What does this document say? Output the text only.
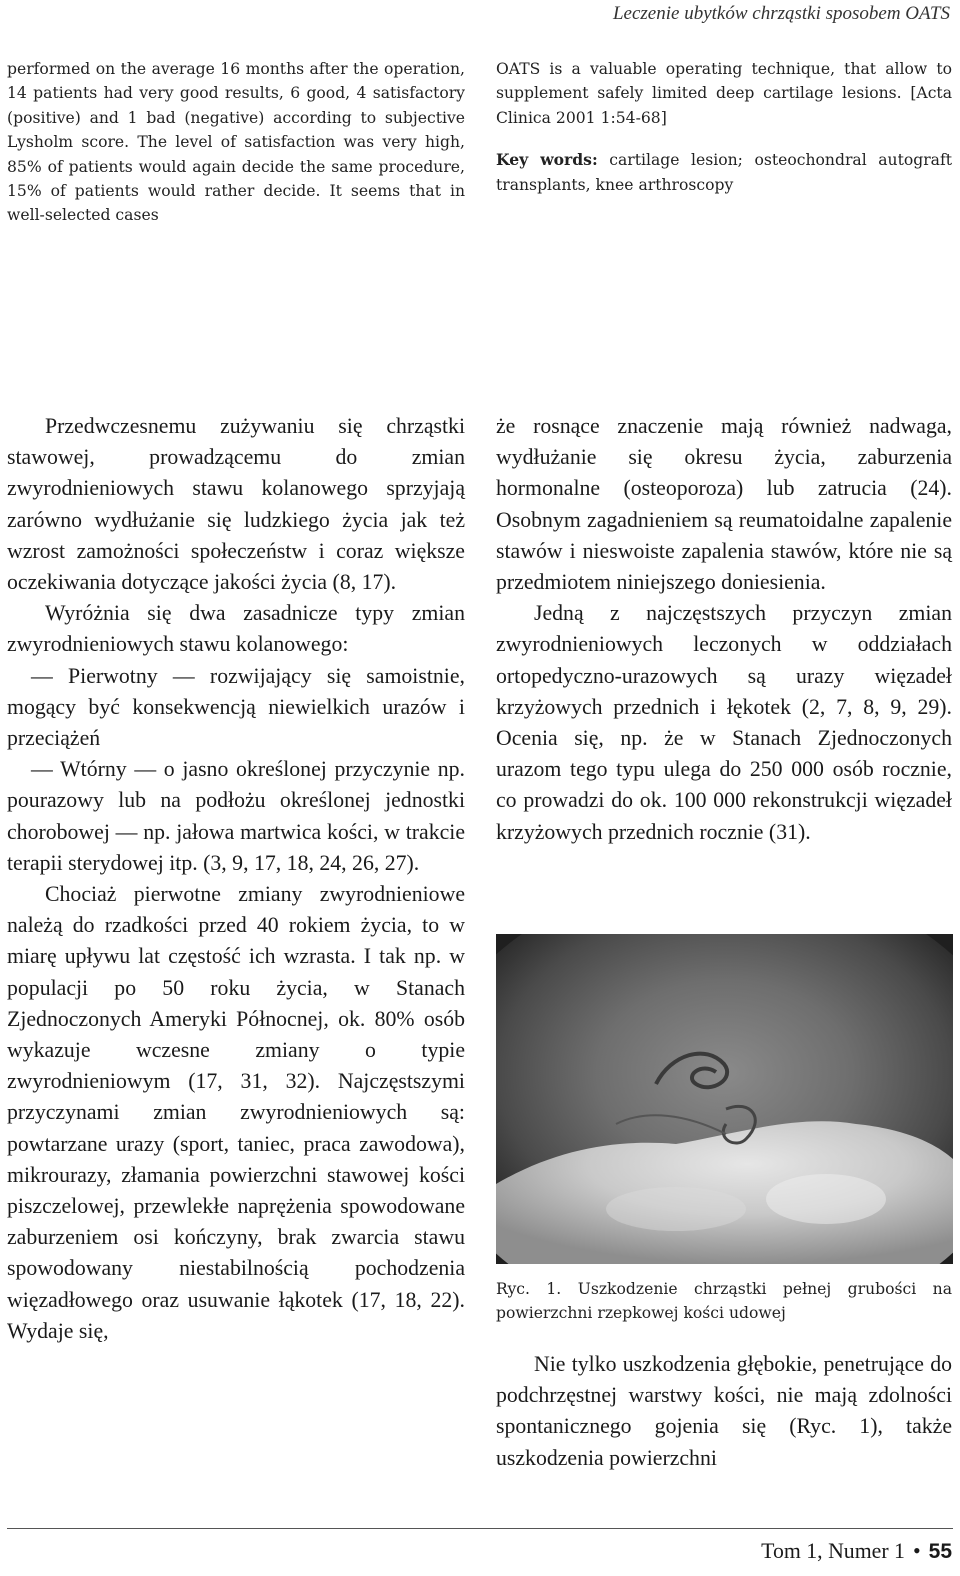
Leczenie ubytków chrząstki sposobem OATS

performed on the average 16 months after the operation, 14 patients had very good results, 6 good, 4 satisfactory (positive) and 1 bad (negative) according to subjective Lysholm score. The level of satisfaction was very high, 85% of patients would again decide the same procedure, 15% of patients would rather decide. It seems that in well-selected cases

OATS is a valuable operating technique, that allow to supplement safely limited deep cartilage lesions. [Acta Clinica 2001 1:54-68]

Key words: cartilage lesion; osteochondral autograft transplants, knee arthroscopy

Przedwczesnemu zużywaniu się chrząstki stawowej, prowadzącemu do zmian zwyrodnieniowych stawu kolanowego sprzyjają zarówno wydłużanie się ludzkiego życia jak też wzrost zamożności społeczeństw i coraz większe oczekiwania dotyczące jakości życia (8, 17).

Wyróżnia się dwa zasadnicze typy zmian zwyrodnieniowych stawu kolanowego:

— Pierwotny — rozwijający się samoistnie, mogący być konsekwencją niewielkich urazów i przeciążeń

— Wtórny — o jasno określonej przyczynie np. pourazowy lub na podłożu określonej jednostki chorobowej — np. jałowa martwica kości, w trakcie terapii sterydowej itp. (3, 9, 17, 18, 24, 26, 27).

Chociaż pierwotne zmiany zwyrodnieniowe należą do rzadkości przed 40 rokiem życia, to w miarę upływu lat częstość ich wzrasta. I tak np. w populacji po 50 roku życia, w Stanach Zjednoczonych Ameryki Północnej, ok. 80% osób wykazuje wczesne zmiany o typie zwyrodnieniowym (17, 31, 32). Najczęstszymi przyczynami zmian zwyrodnieniowych są: powtarzane urazy (sport, taniec, praca zawodowa), mikrourazy, złamania powierzchni stawowej kości piszczelowej, przewlekłe naprężenia spowodowane zaburzeniem osi kończyny, brak zwarcia stawu spowodowany niestabilnością pochodzenia więzadłowego oraz usuwanie łąkotek (17, 18, 22). Wydaje się,

że rosnące znaczenie mają również nadwaga, wydłużanie się okresu życia, zaburzenia hormonalne (osteoporoza) lub zatrucia (24). Osobnym zagadnieniem są reumatoidalne zapalenie stawów i nieswoiste zapalenia stawów, które nie są przedmiotem niniejszego doniesienia.

Jedną z najczęstszych przyczyn zmian zwyrodnieniowych leczonych w oddziałach ortopedyczno-urazowych są urazy więzadeł krzyżowych przednich i łękotek (2, 7, 8, 9, 29). Ocenia się, np. że w Stanach Zjednoczonych urazom tego typu ulega do 250 000 osób rocznie, co prowadzi do ok. 100 000 rekonstrukcji więzadeł krzyżowych przednich rocznie (31).

Ryc. 1. Uszkodzenie chrząstki pełnej grubości na powierzchni rzepkowej kości udowej

Nie tylko uszkodzenia głębokie, penetrujące do podchrzęstnej warstwy kości, nie mają zdolności spontanicznego gojenia się (Ryc. 1), także uszkodzenia powierzchni

Tom 1, Numer 1 • 55
